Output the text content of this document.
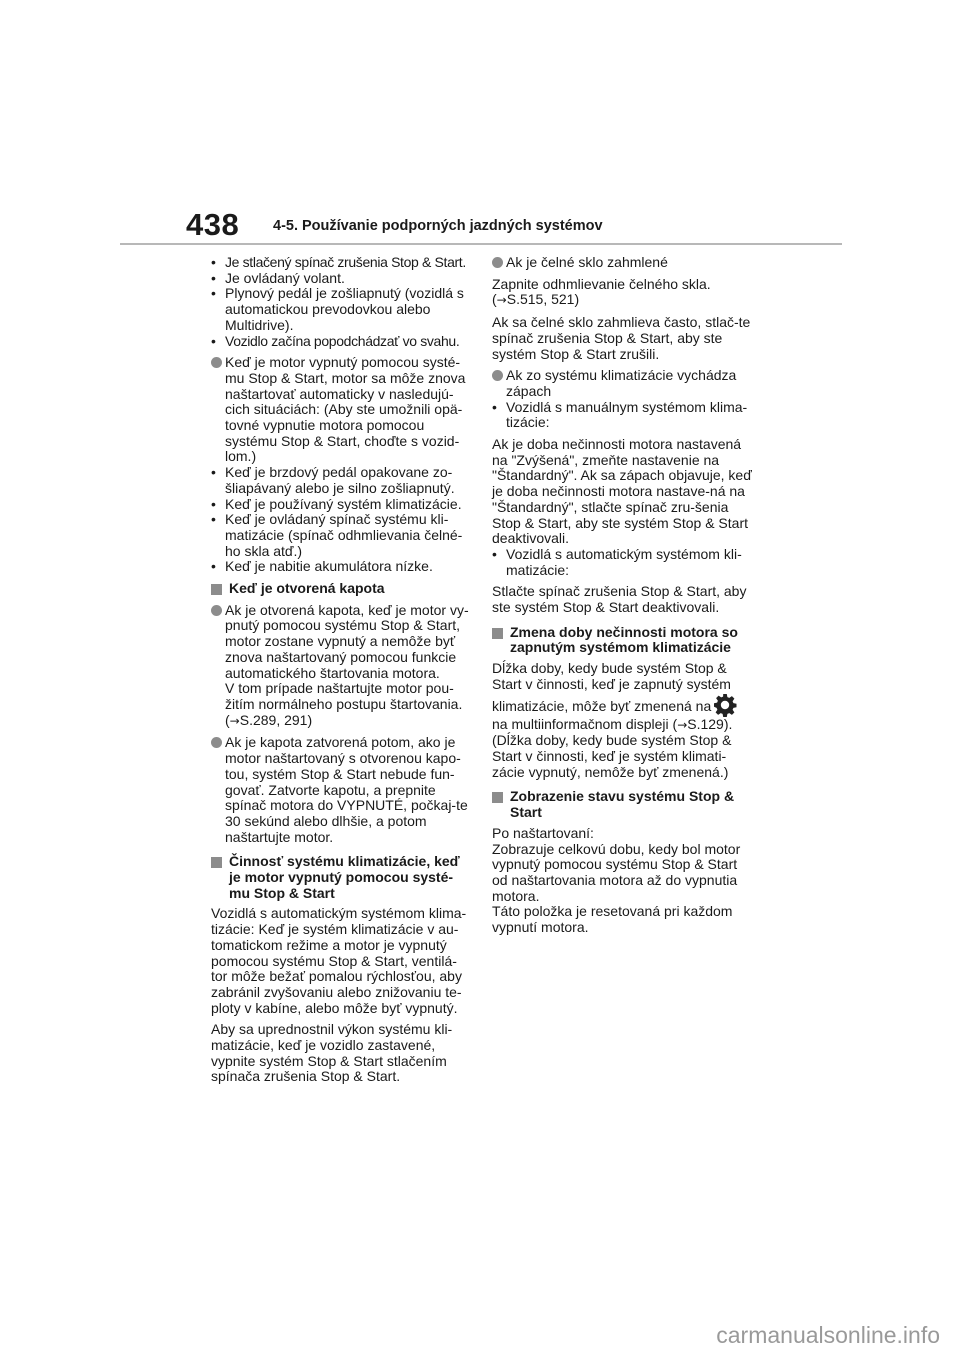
438 4-5. Používanie podporných jazdných systémov
• Je stlačený spínač zrušenia Stop & Start.
• Je ovládaný volant.
• Plynový pedál je zošliapnutý (vozidlá s automatickou prevodovkou alebo Multidrive).
• Vozidlo začína popodchádzať vo svahu.
Keď je motor vypnutý pomocou systé-mu Stop & Start, motor sa môže znova naštartovať automaticky v nasledujú-cich situáciách: (Aby ste umožnili opä-tovné vypnutie motora pomocou systému Stop & Start, choďte s vozid-lom.)
• Keď je brzdový pedál opakovane zo-šliapávaný alebo je silno zošliapnutý.
• Keď je používaný systém klimatizácie.
• Keď je ovládaný spínač systému kli-matizácie (spínač odhmlievania čelné-ho skla atď.)
• Keď je nabitie akumulátora nízke.
Keď je otvorená kapota
Ak je otvorená kapota, keď je motor vy-pnutý pomocou systému Stop & Start, motor zostane vypnutý a nemôže byť znova naštartovaný pomocou funkcie automatického štartovania motora.
V tom prípade naštartujte motor pou-žitím normálneho postupu štartovania.
(→S.289, 291)
Ak je kapota zatvorená potom, ako je motor naštartovaný s otvorenou kapo-tou, systém Stop & Start nebude fun-govať. Zatvorte kapotu, a prepnite spínač motora do VYPNUTÉ, počkaj-te 30 sekúnd alebo dlhšie, a potom naštartujte motor.
Činnosť systému klimatizácie, keď je motor vypnutý pomocou systé-mu Stop & Start
Vozidlá s automatickým systémom klima-tizácie: Keď je systém klimatizácie v au-tomatickom režime a motor je vypnutý pomocou systému Stop & Start, ventilá-tor môže bežať pomalou rýchlosťou, aby zabránil zvyšovaniu alebo znižovaniu te-ploty v kabíne, alebo môže byť vypnutý.
Aby sa uprednostnil výkon systému kli-matizácie, keď je vozidlo zastavené, vypnite systém Stop & Start stlačením spínača zrušenia Stop & Start.
Ak je čelné sklo zahmlené
Zapnite odhmlievanie čelného skla.
(→S.515, 521)
Ak sa čelné sklo zahmlieva často, stlač-te spínač zrušenia Stop & Start, aby ste systém Stop & Start zrušili.
Ak zo systému klimatizácie vychádza zápach
• Vozidlá s manuálnym systémom klima-tizácie:
Ak je doba nečinnosti motora nastavená na "Zvýšená", zmeňte nastavenie na "Štandardný". Ak sa zápach objavuje, keď je doba nečinnosti motora nastave-ná na "Štandardný", stlačte spínač zru-šenia Stop & Start, aby ste systém Stop & Start deaktivovali.
• Vozidlá s automatickým systémom kli-matizácie:
Stlačte spínač zrušenia Stop & Start, aby ste systém Stop & Start deaktivovali.
Zmena doby nečinnosti motora so zapnutým systémom klimatizácie
Dĺžka doby, kedy bude systém Stop & Start v činnosti, keď je zapnutý systém klimatizácie, môže byť zmenená na
na multiinformačnom displeji (→S.129).
(Dĺžka doby, kedy bude systém Stop & Start v činnosti, keď je systém klimati-zácie vypnutý, nemôže byť zmenená.)
Zobrazenie stavu systému Stop & Start
Po naštartovaní:
Zobrazuje celkovú dobu, kedy bol motor vypnutý pomocou systému Stop & Start od naštartovania motora až do vypnutia motora.
Táto položka je resetovaná pri každom vypnutí motora.
carmanualsonline.info
